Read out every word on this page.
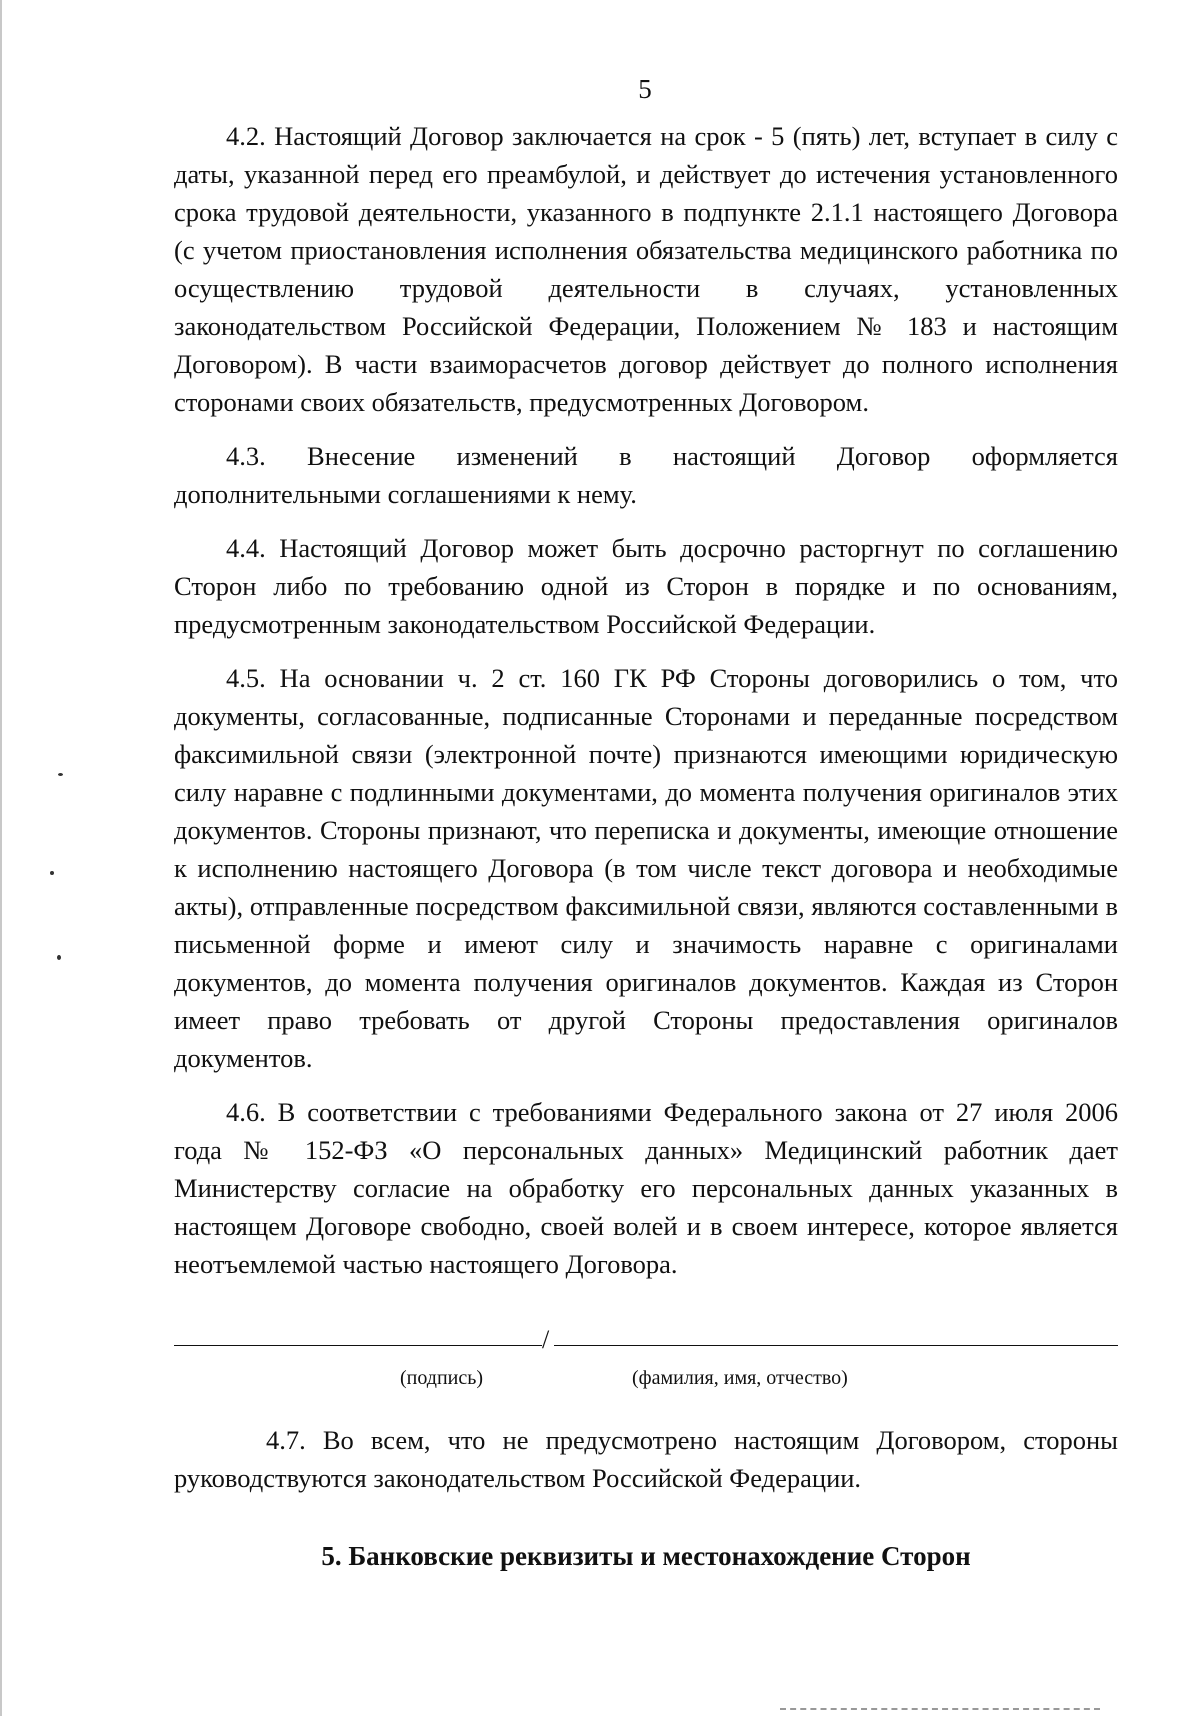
5

4.2. Настоящий Договор заключается на срок - 5 (пять) лет, вступает в силу с даты, указанной перед его преамбулой, и действует до истечения установленного срока трудовой деятельности, указанного в подпункте 2.1.1 настоящего Договора (с учетом приостановления исполнения обязательства медицинского работника по осуществлению трудовой деятельности в случаях, установленных законодательством Российской Федерации, Положением № 183 и настоящим Договором). В части взаиморасчетов договор действует до полного исполнения сторонами своих обязательств, предусмотренных Договором.

4.3. Внесение изменений в настоящий Договор оформляется дополнительными соглашениями к нему.

4.4. Настоящий Договор может быть досрочно расторгнут по соглашению Сторон либо по требованию одной из Сторон в порядке и по основаниям, предусмотренным законодательством Российской Федерации.

4.5. На основании ч. 2 ст. 160 ГК РФ Стороны договорились о том, что документы, согласованные, подписанные Сторонами и переданные посредством факсимильной связи (электронной почте) признаются имеющими юридическую силу наравне с подлинными документами, до момента получения оригиналов этих документов. Стороны признают, что переписка и документы, имеющие отношение к исполнению настоящего Договора (в том числе текст договора и необходимые акты), отправленные посредством факсимильной связи, являются составленными в письменной форме и имеют силу и значимость наравне с оригиналами документов, до момента получения оригиналов документов. Каждая из Сторон имеет право требовать от другой Стороны предоставления оригиналов документов.

4.6. В соответствии с требованиями Федерального закона от 27 июля 2006 года № 152-ФЗ «О персональных данных» Медицинский работник дает Министерству согласие на обработку его персональных данных указанных в настоящем Договоре свободно, своей волей и в своем интересе, которое является неотъемлемой частью настоящего Договора.

/
(подпись)	(фамилия, имя, отчество)

4.7. Во всем, что не предусмотрено настоящим Договором, стороны руководствуются законодательством Российской Федерации.

5. Банковские реквизиты и местонахождение Сторон
